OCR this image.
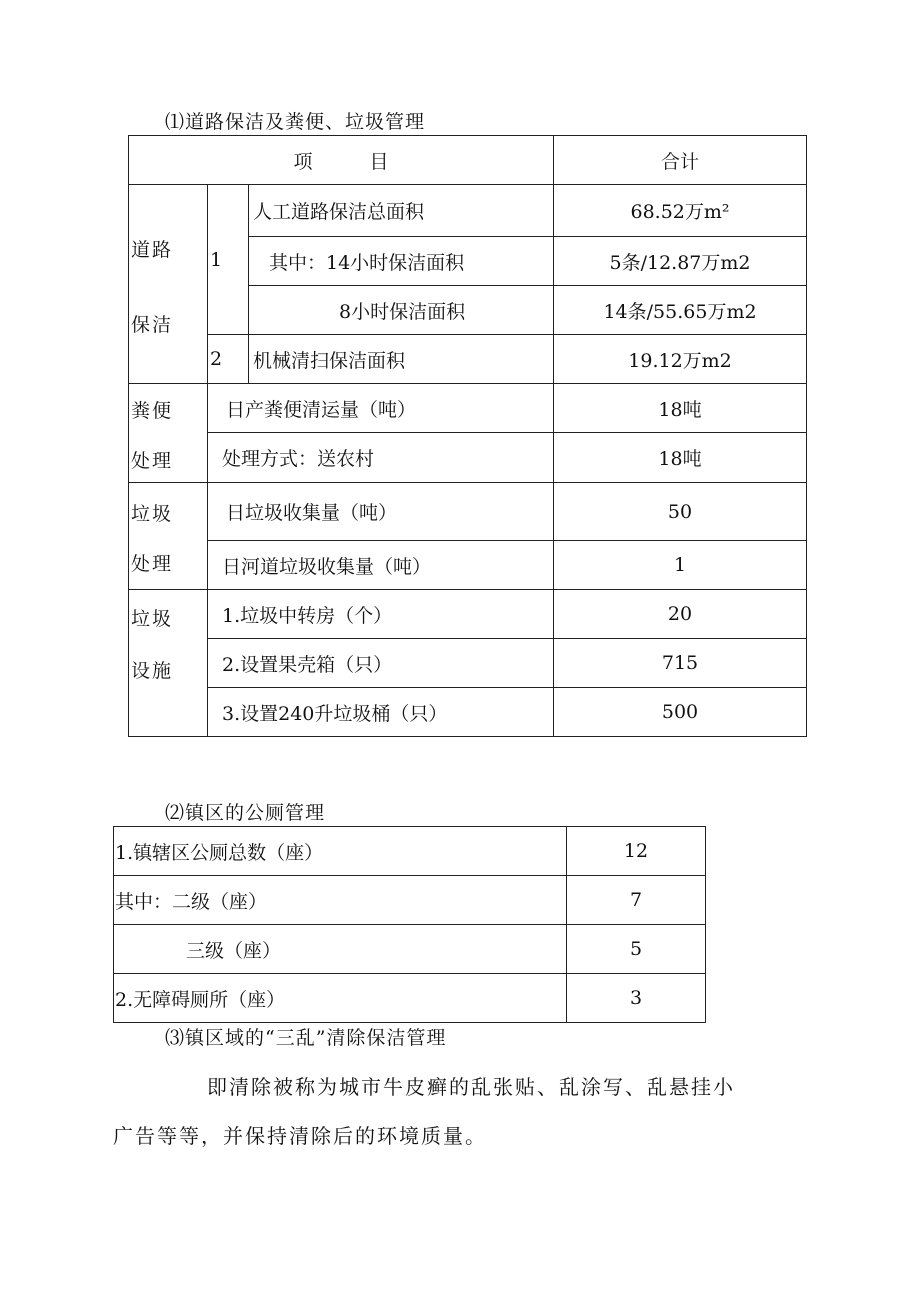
⑴道路保洁及粪便、垃圾管理
项　　　目			合计

道路
保洁	1	人工道路保洁总面积	68.52万m²
		其中：14小时保洁面积	5条/12.87万m2
		8小时保洁面积	14条/55.65万m2
	2	机械清扫保洁面积	19.12万m2

粪便
处理	日产粪便清运量（吨）		18吨
	处理方式：送农村		18吨

垃圾
处理	日垃圾收集量（吨）		50
	日河道垃圾收集量（吨）		1

垃圾
设施	1.垃圾中转房（个）		20
	2.设置果壳箱（只）		715
	3.设置240升垃圾桶（只）		500
⑵镇区的公厕管理
1.镇辖区公厕总数（座）	12
其中：二级（座）	7
三级（座）	5
2.无障碍厕所（座）	3
⑶镇区域的“三乱”清除保洁管理
即清除被称为城市牛皮癣的乱张贴、乱涂写、乱悬挂小
广告等等，并保持清除后的环境质量。
